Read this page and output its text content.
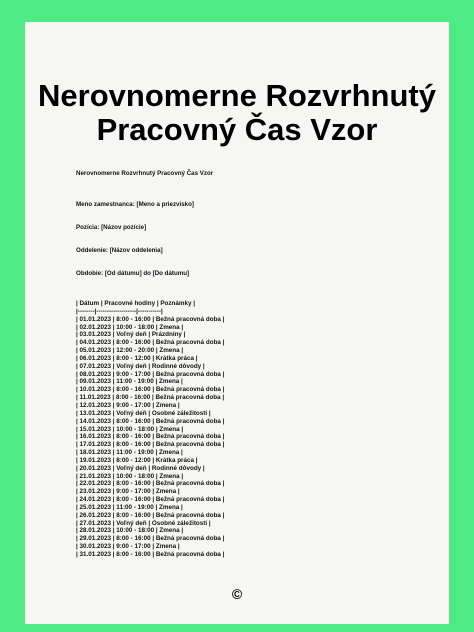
Nerovnomerne Rozvrhnutý
Pracovný Čas Vzor
Nerovnomerne Rozvrhnutý Pracovný Čas Vzor
Meno zamestnanca: [Meno a priezvisko]
Pozícia: [Názov pozície]
Oddelenie: [Názov oddelenia]
Obdobie: [Od dátumu] do [Do dátumu]
| Dátum | Pracovné hodiny | Poznámky |
|--------|-------------------|-----------|
| 01.01.2023 | 8:00 - 16:00 | Bežná pracovná doba |
| 02.01.2023 | 10:00 - 18:00 | Zmena |
| 03.01.2023 | Voľný deň | Prázdniny |
| 04.01.2023 | 8:00 - 16:00 | Bežná pracovná doba |
| 05.01.2023 | 12:00 - 20:00 | Zmena |
| 06.01.2023 | 8:00 - 12:00 | Krátka práca |
| 07.01.2023 | Voľný deň | Rodinné dôvody |
| 08.01.2023 | 9:00 - 17:00 | Bežná pracovná doba |
| 09.01.2023 | 11:00 - 19:00 | Zmena |
| 10.01.2023 | 8:00 - 16:00 | Bežná pracovná doba |
| 11.01.2023 | 8:00 - 16:00 | Bežná pracovná doba |
| 12.01.2023 | 9:00 - 17:00 | Zmena |
| 13.01.2023 | Voľný deň | Osobné záležitosti |
| 14.01.2023 | 8:00 - 16:00 | Bežná pracovná doba |
| 15.01.2023 | 10:00 - 18:00 | Zmena |
| 16.01.2023 | 8:00 - 16:00 | Bežná pracovná doba |
| 17.01.2023 | 8:00 - 16:00 | Bežná pracovná doba |
| 18.01.2023 | 11:00 - 19:00 | Zmena |
| 19.01.2023 | 8:00 - 12:00 | Krátka práca |
| 20.01.2023 | Voľný deň | Rodinné dôvody |
| 21.01.2023 | 10:00 - 18:00 | Zmena |
| 22.01.2023 | 8:00 - 16:00 | Bežná pracovná doba |
| 23.01.2023 | 9:00 - 17:00 | Zmena |
| 24.01.2023 | 8:00 - 16:00 | Bežná pracovná doba |
| 25.01.2023 | 11:00 - 19:00 | Zmena |
| 26.01.2023 | 8:00 - 16:00 | Bežná pracovná doba |
| 27.01.2023 | Voľný deň | Osobné záležitosti |
| 28.01.2023 | 10:00 - 18:00 | Zmena |
| 29.01.2023 | 8:00 - 16:00 | Bežná pracovná doba |
| 30.01.2023 | 9:00 - 17:00 | Zmena |
| 31.01.2023 | 8:00 - 16:00 | Bežná pracovná doba |
©
